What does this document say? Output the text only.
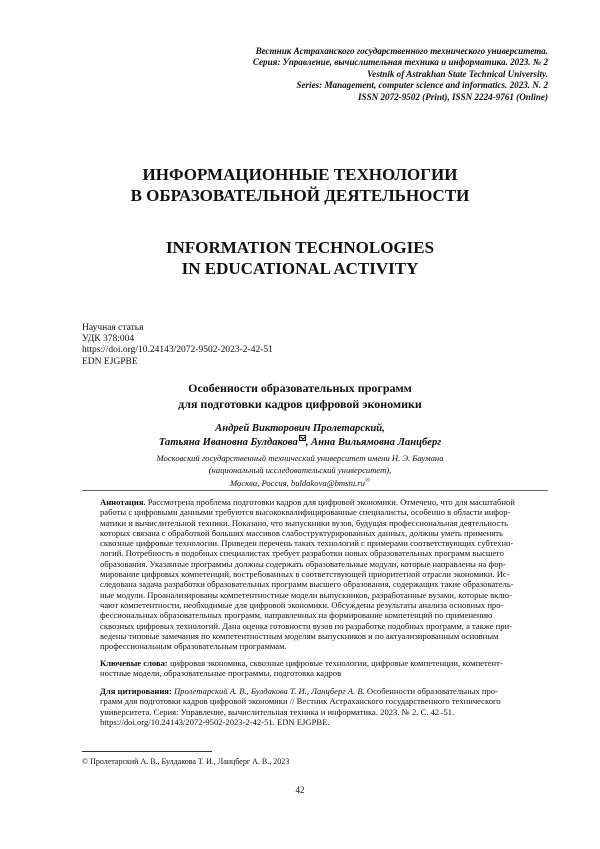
Вестник Астраханского государственного технического университета.
Серия: Управление, вычислительная техника и информатика. 2023. № 2
Vestnik of Astrakhan State Technical University.
Series: Management, computer science and informatics. 2023. N. 2
ISSN 2072-9502 (Print), ISSN 2224-9761 (Online)
ИНФОРМАЦИОННЫЕ ТЕХНОЛОГИИ
В ОБРАЗОВАТЕЛЬНОЙ ДЕЯТЕЛЬНОСТИ
INFORMATION TECHNOLOGIES
IN EDUCATIONAL ACTIVITY
Научная статья
УДК 378:004
https://doi.org/10.24143/2072-9502-2023-2-42-51
EDN EJGPBE
Особенности образовательных программ
для подготовки кадров цифровой экономики
Андрей Викторович Пролетарский,
Татьяна Ивановна Булдакова , Анна Вильямовна Ланцберг
Московский государственный технический университет имени Н. Э. Баумана
(национальный исследовательский университет),
Москва, Россия, buldakova@bmstu.ru✉
Аннотация. Рассмотрена проблема подготовки кадров для цифровой экономики. Отмечено, что для масштабной
работы с цифровыми данными требуются высококвалифицированные специалисты, особенно в области инфор-
матики и вычислительной техники. Показано, что выпускники вузов, будущая профессиональная деятельность
которых связана с обработкой больших массивов слабоструктурированных данных, должны уметь применять
сквозные цифровые технологии. Приведен перечень таких технологий с примерами соответствующих субтехно-
логий. Потребность в подобных специалистах требует разработки новых образовательных программ высшего
образования. Указанные программы должны содержать образовательные модули, которые направлены на фор-
мирование цифровых компетенций, востребованных в соответствующей приоритетной отрасли экономики. Ис-
следована задача разработки образовательных программ высшего образования, содержащих такие образователь-
ные модули. Проанализированы компетентностные модели выпускников, разработанные вузами, которые вклю-
чают компетентности, необходимые для цифровой экономики. Обсуждены результаты анализа основных про-
фессиональных образовательных программ, направленных на формирование компетенций по применению
сквозных цифровых технологий. Дана оценка готовности вузов по разработке подобных программ, а также при-
ведены типовые замечания по компетентностным моделям выпускников и по актуализированным основным
профессиональным образовательным программам.
Ключевые слова: цифровая экономика, сквозные цифровые технологии, цифровые компетенции, компетент-
ностные модели, образовательные программы, подготовка кадров
Для цитирования: Пролетарский А. В., Булдакова Т. И., Ланцберг А. В. Особенности образовательных про-
грамм для подготовки кадров цифровой экономики // Вестник Астраханского государственного технического
университета. Серия: Управление, вычислительная техника и информатика. 2023. № 2. С. 42–51.
https://doi.org/10.24143/2072-9502-2023-2-42-51. EDN EJGPBE.
© Пролетарский А. В., Булдакова Т. И., Ланцберг А. В., 2023
42
